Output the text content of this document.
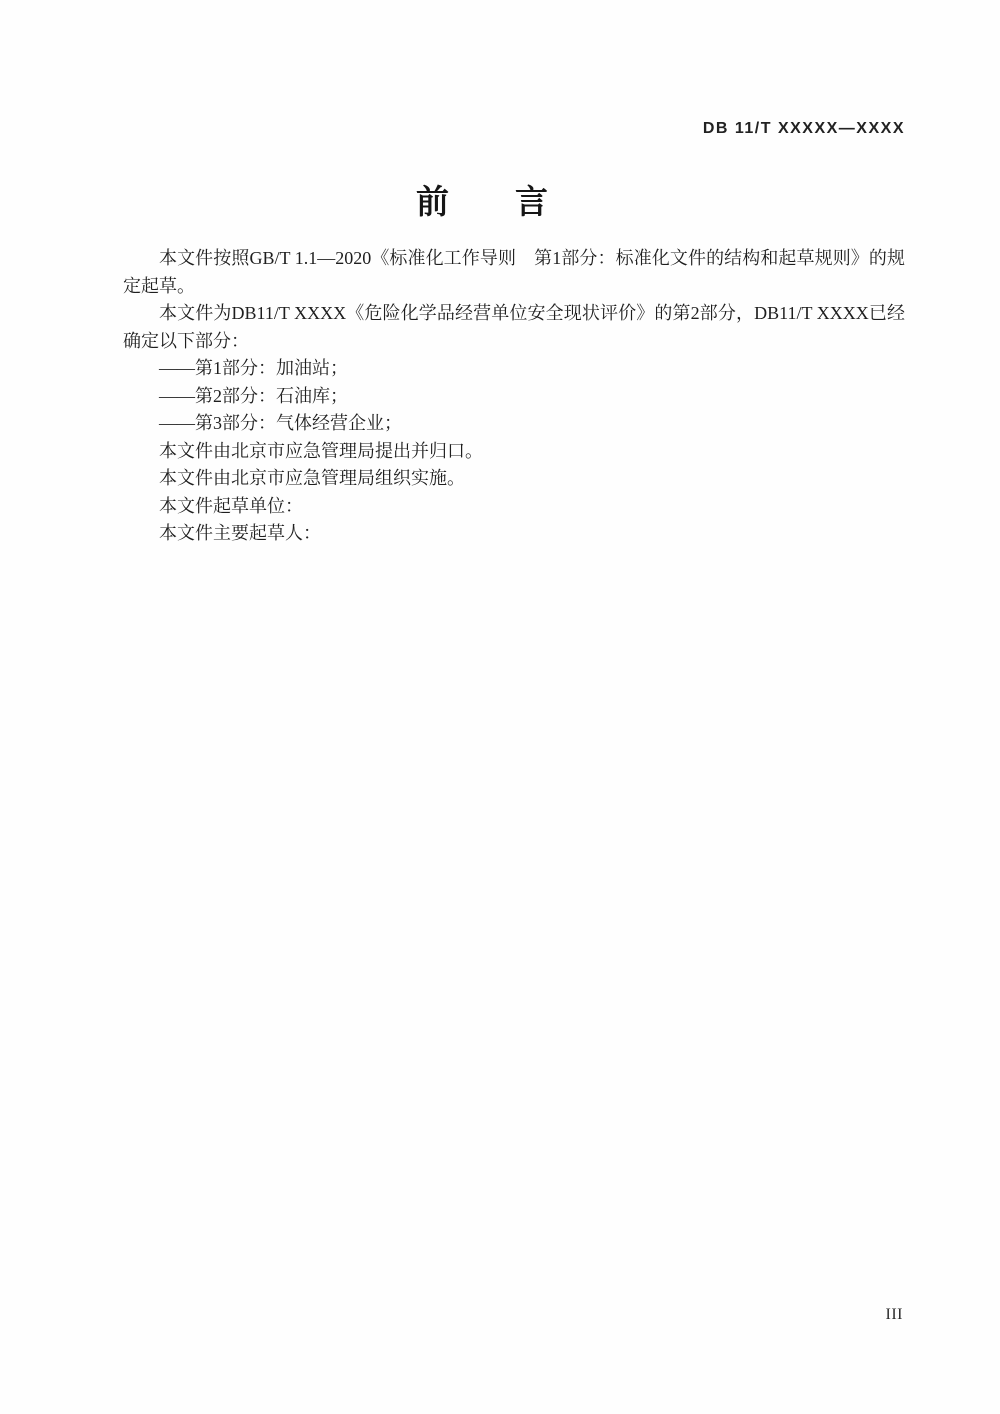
DB 11/T XXXXX—XXXX
前　　言

本文件按照GB/T 1.1—2020《标准化工作导则　第1部分：标准化文件的结构和起草规则》的规定起草。

本文件为DB11/T XXXX《危险化学品经营单位安全现状评价》的第2部分，DB11/T XXXX已经确定以下部分：

——第1部分：加油站；

——第2部分：石油库；

——第3部分：气体经营企业；

本文件由北京市应急管理局提出并归口。

本文件由北京市应急管理局组织实施。

本文件起草单位：

本文件主要起草人：

III
